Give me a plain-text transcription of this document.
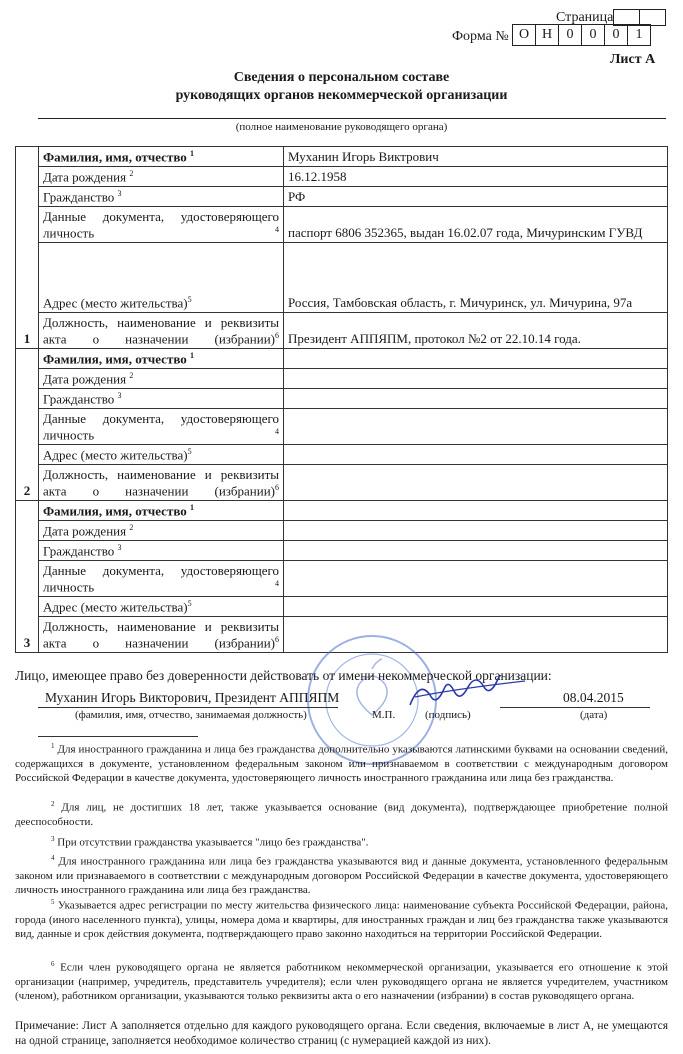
Страница
Форма № О Н	0	0	0	1
Лист А
Сведения о персональном составе
руководящих органов некоммерческой организации
(полное наименование руководящего органа)
1	Фамилия, имя, отчество $^1$	Муханин Игорь Виктрович
	Дата рождения $^2$	16.12.1958
	Гражданство $^3$	РФ
	Данные документа, удостоверяющего личность $^4$	паспорт 6806 352365, выдан 16.02.07 года, Мичуринским ГУВД
	Адрес (место жительства)$^5$	Россия, Тамбовская область, г. Мичуринск, ул. Мичурина, 97а
	Должность, наименование и реквизиты акта о назначении (избрании)$^6$	Президент АППЯПМ, протокол №2 от 22.10.14 года.
2	Фамилия, имя, отчество $^1$	
	Дата рождения $^2$	
	Гражданство $^3$	
	Данные документа, удостоверяющего личность $^4$	
	Адрес (место жительства)$^5$	
	Должность, наименование и реквизиты акта о назначении (избрании)$^6$	
3	Фамилия, имя, отчество $^1$	
	Дата рождения $^2$	
	Гражданство $^3$	
	Данные документа, удостоверяющего личность $^4$	
	Адрес (место жительства)$^5$	
	Должность, наименование и реквизиты акта о назначении (избрании)$^6$	
Лицо, имеющее право без доверенности действовать от имени некоммерческой организации:
Муханин Игорь Викторович, Президент АППЯПМ	08.04.2015
(фамилия, имя, отчество, занимаемая должность)	М.П.	(подпись)	(дата)
$^1$ Для иностранного гражданина и лица без гражданства дополнительно указываются латинскими буквами на основании сведений, содержащихся в документе, установленном федеральным законом или признаваемом в соответствии с международным договором Российской Федерации в качестве документа, удостоверяющего личность иностранного гражданина или лица без гражданства.
$^2$ Для лиц, не достигших 18 лет, также указывается основание (вид документа), подтверждающее приобретение полной дееспособности.
$^3$ При отсутствии гражданства указывается "лицо без гражданства".
$^4$ Для иностранного гражданина или лица без гражданства указываются вид и данные документа, установленного федеральным законом или признаваемого в соответствии с международным договором Российской Федерации в качестве документа, удостоверяющего личность иностранного гражданина или лица без гражданства.
$^5$ Указывается адрес регистрации по месту жительства физического лица: наименование субъекта Российской Федерации, района, города (иного населенного пункта), улицы, номера дома и квартиры, для иностранных граждан и лиц без гражданства также указываются вид, данные и срок действия документа, подтверждающего право законно находиться на территории Российской Федерации.
$^6$ Если член руководящего органа не является работником некоммерческой организации, указывается его отношение к этой организации (например, учредитель, представитель учредителя); если член руководящего органа не является учредителем, участником (членом), работником организации, указываются только реквизиты акта о его назначении (избрании) в состав руководящего органа.
Примечание: Лист А заполняется отдельно для каждого руководящего органа. Если сведения, включаемые в лист А, не умещаются на одной странице, заполняется необходимое количество страниц (с нумерацией каждой из них).
